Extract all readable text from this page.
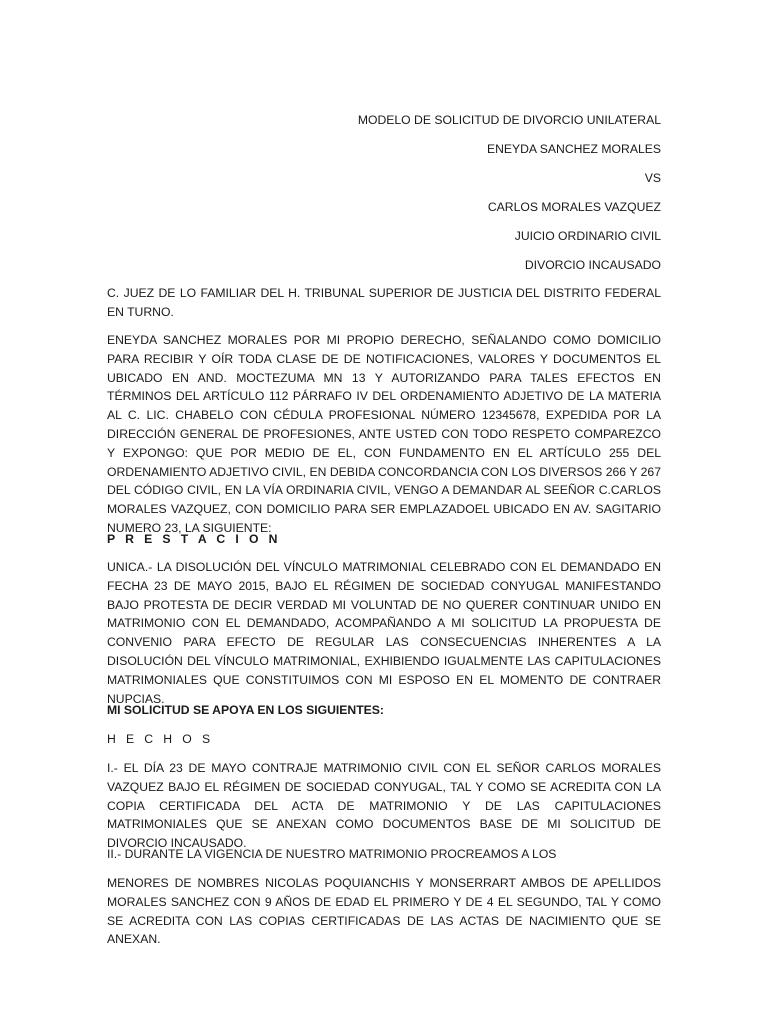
MODELO DE SOLICITUD DE DIVORCIO UNILATERAL
ENEYDA SANCHEZ MORALES
VS
CARLOS MORALES VAZQUEZ
JUICIO ORDINARIO CIVIL
DIVORCIO INCAUSADO
C. JUEZ DE LO FAMILIAR DEL H. TRIBUNAL SUPERIOR DE JUSTICIA DEL DISTRITO FEDERAL EN TURNO.
ENEYDA SANCHEZ MORALES POR MI PROPIO DERECHO, SEÑALANDO COMO DOMICILIO PARA RECIBIR Y OÍR TODA CLASE DE DE NOTIFICACIONES, VALORES Y DOCUMENTOS EL UBICADO EN AND. MOCTEZUMA MN 13 Y AUTORIZANDO PARA TALES EFECTOS EN TÉRMINOS DEL ARTÍCULO 112 PÁRRAFO IV DEL ORDENAMIENTO ADJETIVO DE LA MATERIA AL C. LIC. CHABELO CON CÉDULA PROFESIONAL NÚMERO 12345678, EXPEDIDA POR LA DIRECCIÓN GENERAL DE PROFESIONES, ANTE USTED CON TODO RESPETO COMPAREZCO Y EXPONGO: QUE POR MEDIO DE EL, CON FUNDAMENTO EN EL ARTÍCULO 255 DEL ORDENAMIENTO ADJETIVO CIVIL, EN DEBIDA CONCORDANCIA CON LOS DIVERSOS 266 Y 267 DEL CÓDIGO CIVIL, EN LA VÍA ORDINARIA CIVIL, VENGO A DEMANDAR AL SEEÑOR C.CARLOS MORALES VAZQUEZ, CON DOMICILIO PARA SER EMPLAZADOEL UBICADO EN AV. SAGITARIO NUMERO 23, LA SIGUIENTE:
P R E S T A C I O N
UNICA.- LA DISOLUCIÓN DEL VÍNCULO MATRIMONIAL CELEBRADO CON EL DEMANDADO EN FECHA 23 DE MAYO 2015, BAJO EL RÉGIMEN DE SOCIEDAD CONYUGAL MANIFESTANDO BAJO PROTESTA DE DECIR VERDAD MI VOLUNTAD DE NO QUERER CONTINUAR UNIDO EN MATRIMONIO CON EL DEMANDADO, ACOMPAÑANDO A MI SOLICITUD LA PROPUESTA DE CONVENIO PARA EFECTO DE REGULAR LAS CONSECUENCIAS INHERENTES A LA DISOLUCIÓN DEL VÍNCULO MATRIMONIAL, EXHIBIENDO IGUALMENTE LAS CAPITULACIONES MATRIMONIALES QUE CONSTITUIMOS CON MI ESPOSO EN EL MOMENTO DE CONTRAER NUPCIAS.
MI SOLICITUD SE APOYA EN LOS SIGUIENTES:
H E C H O S
I.- EL DÍA 23 DE MAYO CONTRAJE MATRIMONIO CIVIL CON EL SEÑOR CARLOS MORALES VAZQUEZ BAJO EL RÉGIMEN DE SOCIEDAD CONYUGAL, TAL Y COMO SE ACREDITA CON LA COPIA CERTIFICADA DEL ACTA DE MATRIMONIO Y DE LAS CAPITULACIONES MATRIMONIALES QUE SE ANEXAN COMO DOCUMENTOS BASE DE MI SOLICITUD DE DIVORCIO INCAUSADO.
II.- DURANTE LA VIGENCIA DE NUESTRO MATRIMONIO PROCREAMOS A LOS
MENORES DE NOMBRES NICOLAS POQUIANCHIS Y MONSERRART AMBOS DE APELLIDOS MORALES SANCHEZ CON 9 AÑOS DE EDAD EL PRIMERO Y DE 4 EL SEGUNDO, TAL Y COMO SE ACREDITA CON LAS COPIAS CERTIFICADAS DE LAS ACTAS DE NACIMIENTO QUE SE ANEXAN.
